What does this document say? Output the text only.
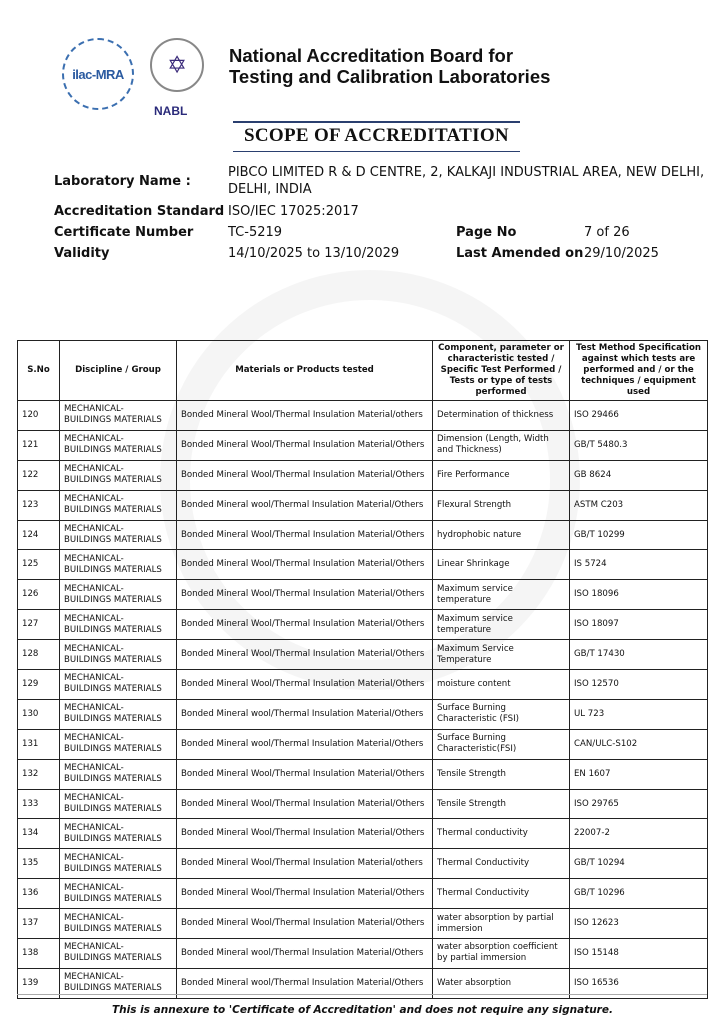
ilac-MRA	✡
NABL
National Accreditation Board for
Testing and Calibration Laboratories
SCOPE OF ACCREDITATION
Laboratory Name :
PIBCO LIMITED R & D CENTRE, 2, KALKAJI INDUSTRIAL AREA, NEW DELHI,
DELHI, INDIA
Accreditation Standard ISO/IEC 17025:2017
Certificate Number	TC-5219	Page No	7 of 26
Validity	14/10/2025 to 13/10/2029	Last Amended on 29/10/2025
S.No	Discipline / Group	Materials or Products tested	Component, parameter or characteristic tested / Specific Test Performed / Tests or type of tests performed	Test Method Specification against which tests are performed and / or the techniques / equipment used
120	MECHANICAL- BUILDINGS MATERIALS	Bonded Mineral Wool/Thermal Insulation Material/others	Determination of thickness	ISO 29466
121	MECHANICAL- BUILDINGS MATERIALS	Bonded Mineral Wool/Thermal Insulation Material/Others	Dimension (Length, Width and Thickness)	GB/T 5480.3
122	MECHANICAL- BUILDINGS MATERIALS	Bonded Mineral Wool/Thermal Insulation Material/Others	Fire Performance	GB 8624
123	MECHANICAL- BUILDINGS MATERIALS	Bonded Mineral wool/Thermal Insulation Material/Others	Flexural Strength	ASTM C203
124	MECHANICAL- BUILDINGS MATERIALS	Bonded Mineral Wool/Thermal Insulation Material/Others	hydrophobic nature	GB/T 10299
125	MECHANICAL- BUILDINGS MATERIALS	Bonded Mineral Wool/Thermal Insulation Material/Others	Linear Shrinkage	IS 5724
126	MECHANICAL- BUILDINGS MATERIALS	Bonded Mineral Wool/Thermal Insulation Material/Others	Maximum service temperature	ISO 18096
127	MECHANICAL- BUILDINGS MATERIALS	Bonded Mineral Wool/Thermal Insulation Material/Others	Maximum service temperature	ISO 18097
128	MECHANICAL- BUILDINGS MATERIALS	Bonded Mineral Wool/Thermal Insulation Material/Others	Maximum Service Temperature	GB/T 17430
129	MECHANICAL- BUILDINGS MATERIALS	Bonded Mineral Wool/Thermal Insulation Material/Others	moisture content	ISO 12570
130	MECHANICAL- BUILDINGS MATERIALS	Bonded Mineral wool/Thermal Insulation Material/Others	Surface Burning Characteristic (FSI)	UL 723
131	MECHANICAL- BUILDINGS MATERIALS	Bonded Mineral wool/Thermal Insulation Material/Others	Surface Burning Characteristic(FSI)	CAN/ULC-S102
132	MECHANICAL- BUILDINGS MATERIALS	Bonded Mineral Wool/Thermal Insulation Material/Others	Tensile Strength	EN 1607
133	MECHANICAL- BUILDINGS MATERIALS	Bonded Mineral Wool/Thermal Insulation Material/Others	Tensile Strength	ISO 29765
134	MECHANICAL- BUILDINGS MATERIALS	Bonded Mineral Wool/Thermal Insulation Material/Others	Thermal conductivity	22007-2
135	MECHANICAL- BUILDINGS MATERIALS	Bonded Mineral Wool/Thermal Insulation Material/others	Thermal Conductivity	GB/T 10294
136	MECHANICAL- BUILDINGS MATERIALS	Bonded Mineral Wool/Thermal Insulation Material/Others	Thermal Conductivity	GB/T 10296
137	MECHANICAL- BUILDINGS MATERIALS	Bonded Mineral Wool/Thermal Insulation Material/Others	water absorption by partial immersion	ISO 12623
138	MECHANICAL- BUILDINGS MATERIALS	Bonded Mineral wool/Thermal Insulation Material/Others	water absorption coefficient by partial immersion	ISO 15148
139	MECHANICAL- BUILDINGS MATERIALS	Bonded Mineral wool/Thermal Insulation Material/Others	Water absorption	ISO 16536
This is annexure to 'Certificate of Accreditation' and does not require any signature.
